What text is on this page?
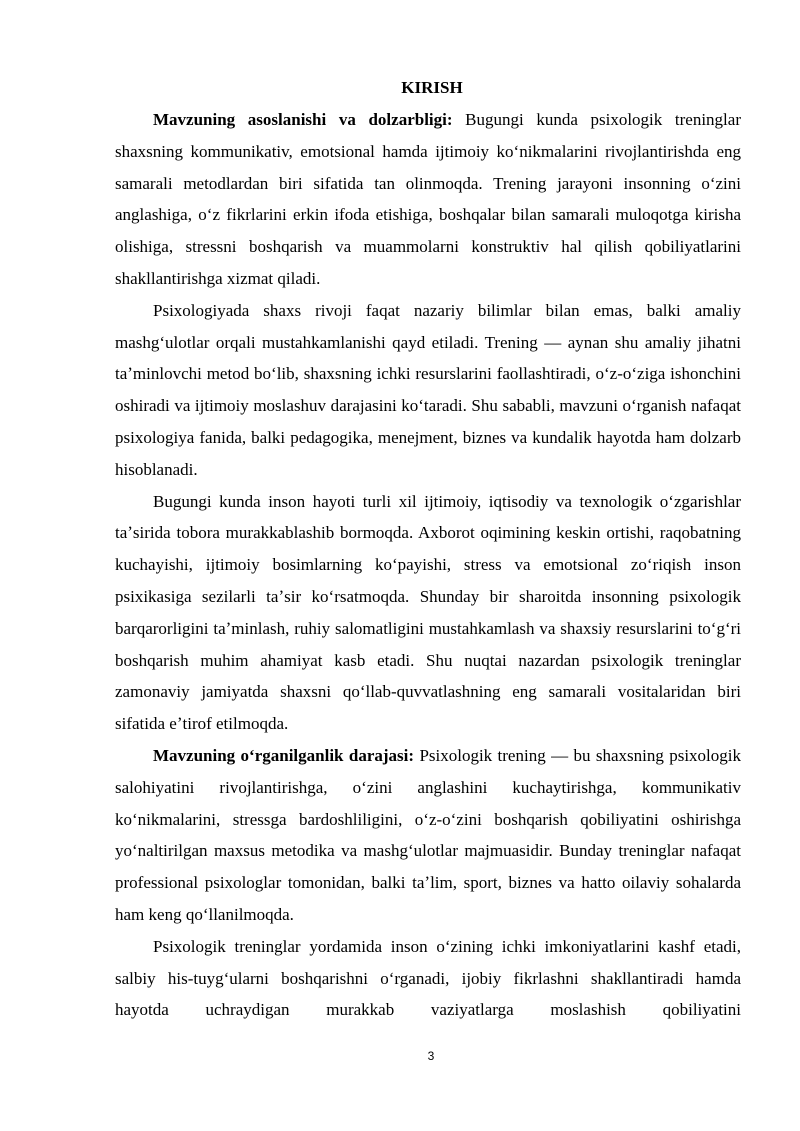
KIRISH

Mavzuning asoslanishi va dolzarbligi: Bugungi kunda psixologik treninglar shaxsning kommunikativ, emotsional hamda ijtimoiy koʻnikmalarini rivojlantirishda eng samarali metodlardan biri sifatida tan olinmoqda. Trening jarayoni insonning oʻzini anglashiga, oʻz fikrlarini erkin ifoda etishiga, boshqalar bilan samarali muloqotga kirisha olishiga, stressni boshqarish va muammolarni konstruktiv hal qilish qobiliyatlarini shakllantirishga xizmat qiladi.

Psixologiyada shaxs rivoji faqat nazariy bilimlar bilan emas, balki amaliy mashgʻulotlar orqali mustahkamlanishi qayd etiladi. Trening — aynan shu amaliy jihatni taʼminlovchi metod boʻlib, shaxsning ichki resurslarini faollashtiradi, oʻz-oʻziga ishonchini oshiradi va ijtimoiy moslashuv darajasini koʻtaradi. Shu sababli, mavzuni oʻrganish nafaqat psixologiya fanida, balki pedagogika, menejment, biznes va kundalik hayotda ham dolzarb hisoblanadi.

Bugungi kunda inson hayoti turli xil ijtimoiy, iqtisodiy va texnologik oʻzgarishlar taʼsirida tobora murakkablashib bormoqda. Axborot oqimining keskin ortishi, raqobatning kuchayishi, ijtimoiy bosimlarning koʻpayishi, stress va emotsional zoʻriqish inson psixikasiga sezilarli taʼsir koʻrsatmoqda. Shunday bir sharoitda insonning psixologik barqarorligini taʼminlash, ruhiy salomatligini mustahkamlash va shaxsiy resurslarini toʻgʻri boshqarish muhim ahamiyat kasb etadi. Shu nuqtai nazardan psixologik treninglar zamonaviy jamiyatda shaxsni qoʻllab-quvvatlashning eng samarali vositalaridan biri sifatida eʼtirof etilmoqda.

Mavzuning oʻrganilganlik darajasi: Psixologik trening — bu shaxsning psixologik salohiyatini rivojlantirishga, oʻzini anglashini kuchaytirishga, kommunikativ koʻnikmalarini, stressga bardoshliligini, oʻz-oʻzini boshqarish qobiliyatini oshirishga yoʻnaltirilgan maxsus metodika va mashgʻulotlar majmuasidir. Bunday treninglar nafaqat professional psixologlar tomonidan, balki taʼlim, sport, biznes va hatto oilaviy sohalarda ham keng qoʻllanilmoqda.

Psixologik treninglar yordamida inson oʻzining ichki imkoniyatlarini kashf etadi, salbiy his-tuygʻularni boshqarishni oʻrganadi, ijobiy fikrlashni shakllantiradi hamda hayotda uchraydigan murakkab vaziyatlarga moslashish qobiliyatini

3
